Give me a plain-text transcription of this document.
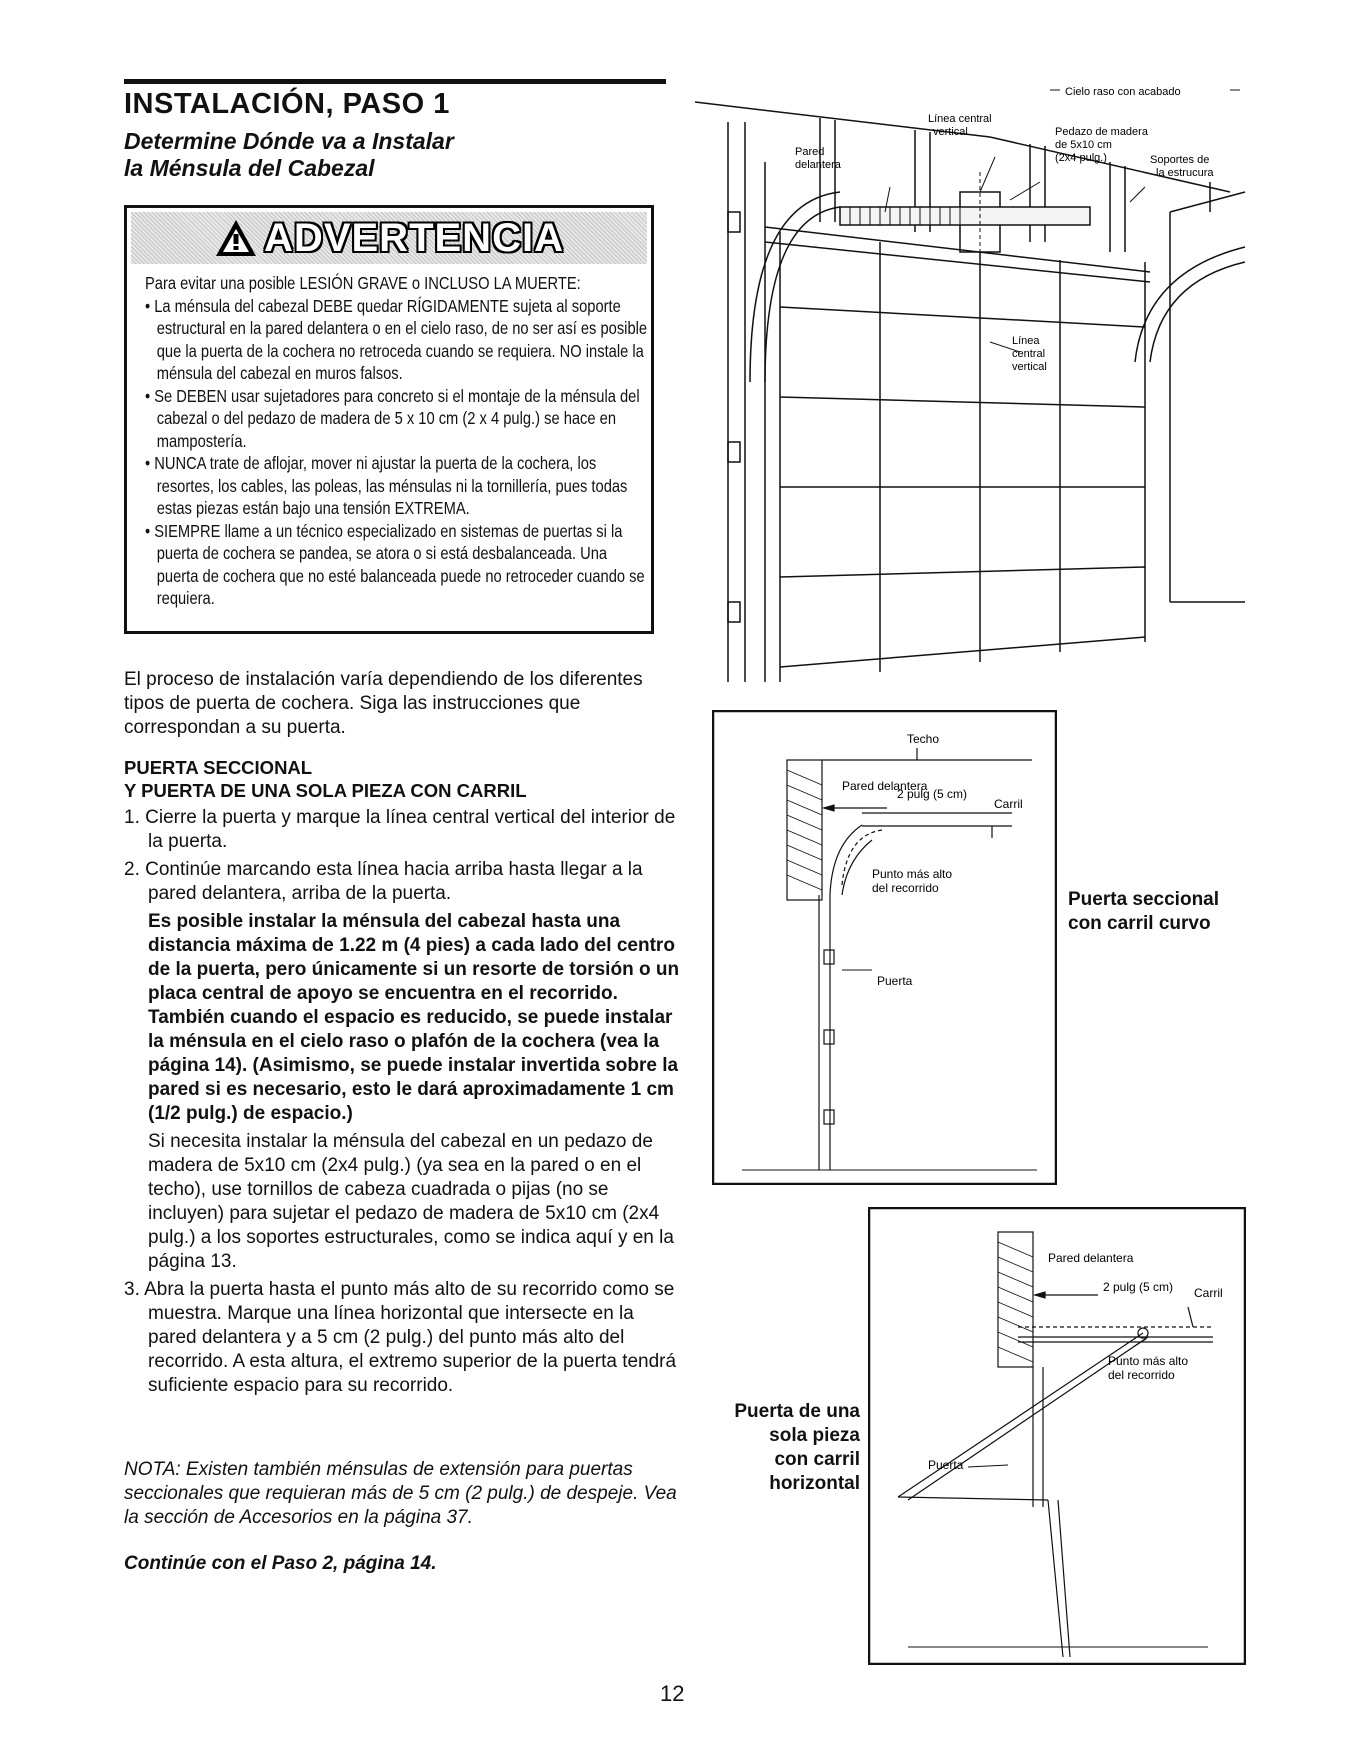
INSTALACIÓN, PASO 1
Determine Dónde va a Instalar
la Ménsula del Cabezal
ADVERTENCIA
Para evitar una posible LESIÓN GRAVE o INCLUSO LA MUERTE:
• La ménsula del cabezal DEBE quedar RÍGIDAMENTE sujeta al soporte estructural en la pared delantera o en el cielo raso, de no ser así es posible que la puerta de la cochera no retroceda cuando se requiera. NO instale la ménsula del cabezal en muros falsos.
• Se DEBEN usar sujetadores para concreto si el montaje de la ménsula del cabezal o del pedazo de madera de 5 x 10 cm (2 x 4 pulg.) se hace en mampostería.
• NUNCA trate de aflojar, mover ni ajustar la puerta de la cochera, los resortes, los cables, las poleas, las ménsulas ni la tornillería, pues todas estas piezas están bajo una tensión EXTREMA.
• SIEMPRE llame a un técnico especializado en sistemas de puertas si la puerta de cochera se pandea, se atora o si está desbalanceada. Una puerta de cochera que no esté balanceada puede no retroceder cuando se requiera.
El proceso de instalación varía dependiendo de los diferentes tipos de puerta de cochera. Siga las instrucciones que correspondan a su puerta.
PUERTA SECCIONAL
Y PUERTA DE UNA SOLA PIEZA CON CARRIL

1. Cierre la puerta y marque la línea central vertical del interior de la puerta.

2. Continúe marcando esta línea hacia arriba hasta llegar a la pared delantera, arriba de la puerta.

Es posible instalar la ménsula del cabezal hasta una distancia máxima de 1.22 m (4 pies) a cada lado del centro de la puerta, pero únicamente si un resorte de torsión o un placa central de apoyo se encuentra en el recorrido. También cuando el espacio es reducido, se puede instalar la ménsula en el cielo raso o plafón de la cochera (vea la página 14). (Asimismo, se puede instalar invertida sobre la pared si es necesario, esto le dará aproximadamente 1 cm (1/2 pulg.) de espacio.)

Si necesita instalar la ménsula del cabezal en un pedazo de madera de 5x10 cm (2x4 pulg.) (ya sea en la pared o en el techo), use tornillos de cabeza cuadrada o pijas (no se incluyen) para sujetar el pedazo de madera de 5x10 cm (2x4 pulg.) a los soportes estructurales, como se indica aquí y en la página 13.

3. Abra la puerta hasta el punto más alto de su recorrido como se muestra. Marque una línea horizontal que intersecte en la pared delantera y a 5 cm (2 pulg.) del punto más alto del recorrido. A esta altura, el extremo superior de la puerta tendrá suficiente espacio para su recorrido.

NOTA: Existen también ménsulas de extensión para puertas seccionales que requieran más de 5 cm (2 pulg.) de despeje. Vea la sección de Accesorios en la página 37.
Continúe con el Paso 2, página 14.
12
Cielo raso con acabado
Línea central
vertical	Pedazo de madera
de 5x10 cm
(2x4 pulg.)	Soportes de
la estrucura
Pared
delantera
Línea
central
vertical
Techo
Pared delantera
2 pulg (5 cm)
Carril
Punto más alto
del recorrido
Puerta
Puerta seccional
con carril curvo
Pared delantera
2 pulg (5 cm) Carril
Punto más alto
del recorrido
Puerta
Puerta de una
sola pieza
con carril
horizontal
